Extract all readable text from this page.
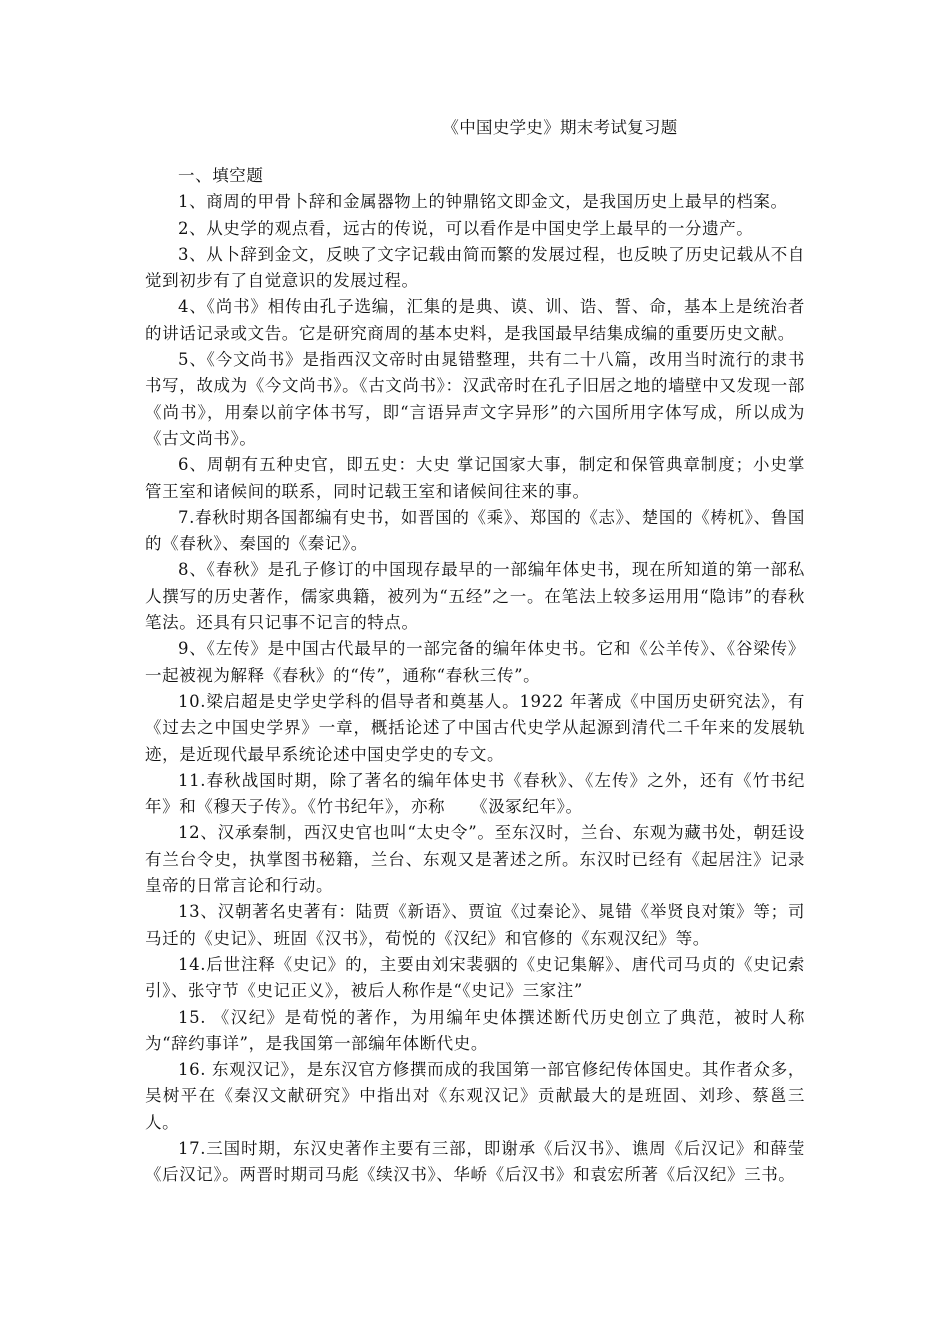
《中国史学史》期末考试复习题

一、填空题

1、商周的甲骨卜辞和金属器物上的钟鼎铭文即金文，是我国历史上最早的档案。

2、从史学的观点看，远古的传说，可以看作是中国史学上最早的一分遗产。

3、从卜辞到金文，反映了文字记载由简而繁的发展过程，也反映了历史记载从不自觉到初步有了自觉意识的发展过程。

4、《尚书》相传由孔子选编，汇集的是典、谟、训、诰、誓、命，基本上是统治者的讲话记录或文告。它是研究商周的基本史料，是我国最早结集成编的重要历史文献。

5、《今文尚书》是指西汉文帝时由晁错整理，共有二十八篇，改用当时流行的隶书书写，故成为《今文尚书》。《古文尚书》：汉武帝时在孔子旧居之地的墙壁中又发现一部《尚书》，用秦以前字体书写，即“言语异声文字异形”的六国所用字体写成，所以成为《古文尚书》。

6、周朝有五种史官，即五史：大史 掌记国家大事，制定和保管典章制度；小史掌管王室和诸候间的联系，同时记载王室和诸候间往来的事。

7.春秋时期各国都编有史书，如晋国的《乘》、郑国的《志》、楚国的《梼杌》、鲁国的《春秋》、秦国的《秦记》。

8、《春秋》是孔子修订的中国现存最早的一部编年体史书，现在所知道的第一部私人撰写的历史著作，儒家典籍，被列为“五经”之一。在笔法上较多运用用“隐讳”的春秋笔法。还具有只记事不记言的特点。

9、《左传》是中国古代最早的一部完备的编年体史书。它和《公羊传》、《谷梁传》一起被视为解释《春秋》的“传”，通称“春秋三传”。

10.梁启超是史学史学科的倡导者和奠基人。1922 年著成《中国历史研究法》，有《过去之中国史学界》一章，概括论述了中国古代史学从起源到清代二千年来的发展轨迹，是近现代最早系统论述中国史学史的专文。

11.春秋战国时期，除了著名的编年体史书《春秋》、《左传》之外，还有《竹书纪年》和《穆天子传》。《竹书纪年》，亦称　　《汲冢纪年》。

12、汉承秦制，西汉史官也叫“太史令”。至东汉时，兰台、东观为藏书处，朝廷设有兰台令史，执掌图书秘籍，兰台、东观又是著述之所。东汉时已经有《起居注》记录皇帝的日常言论和行动。

13、汉朝著名史著有：陆贾《新语》、贾谊《过秦论》、晁错《举贤良对策》等；司马迁的《史记》、班固《汉书》，荀悦的《汉纪》和官修的《东观汉纪》等。

14.后世注释《史记》的，主要由刘宋裴骃的《史记集解》、唐代司马贞的《史记索引》、张守节《史记正义》，被后人称作是“《史记》三家注”

15. 《汉纪》是荀悦的著作，为用编年史体撰述断代历史创立了典范，被时人称为“辞约事详”，是我国第一部编年体断代史。

16. 东观汉记》，是东汉官方修撰而成的我国第一部官修纪传体国史。其作者众多，吴树平在《秦汉文献研究》中指出对《东观汉记》贡献最大的是班固、刘珍、蔡邕三人。

17.三国时期，东汉史著作主要有三部，即谢承《后汉书》、谯周《后汉记》和薛莹《后汉记》。两晋时期司马彪《续汉书》、华峤《后汉书》和袁宏所著《后汉纪》三书。
